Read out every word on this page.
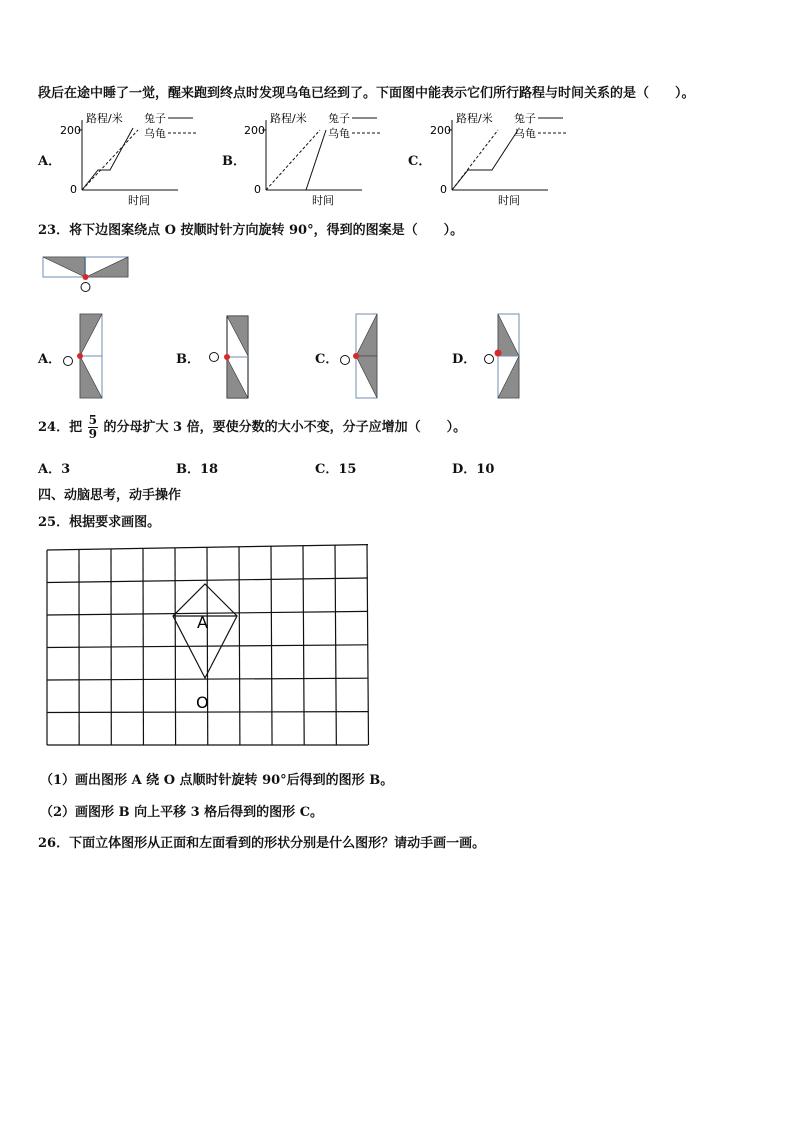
段后在途中睡了一觉，醒来跑到终点时发现乌龟已经到了。下面图中能表示它们所行路程与时间关系的是（　　）。
A．	B．	C．
200
0
路程/米 兔子
乌龟
时间
200
0
路程/米 兔子
乌龟
时间
200
0
路程/米 兔子
乌龟
时间
23．将下边图案绕点 O 按顺时针方向旋转 90°，得到的图案是（　　）。
A．	B．	C．	D．
24．把 $\frac{5}{9}$ 的分母扩大 3 倍，要使分数的大小不变，分子应增加（　　）。
A．3	B．18	C．15	D．10
四、动脑思考，动手操作
25．根据要求画图。
A
O
（1）画出图形 A 绕 O 点顺时针旋转 90°后得到的图形 B。
（2）画图形 B 向上平移 3 格后得到的图形 C。
26．下面立体图形从正面和左面看到的形状分别是什么图形？请动手画一画。
